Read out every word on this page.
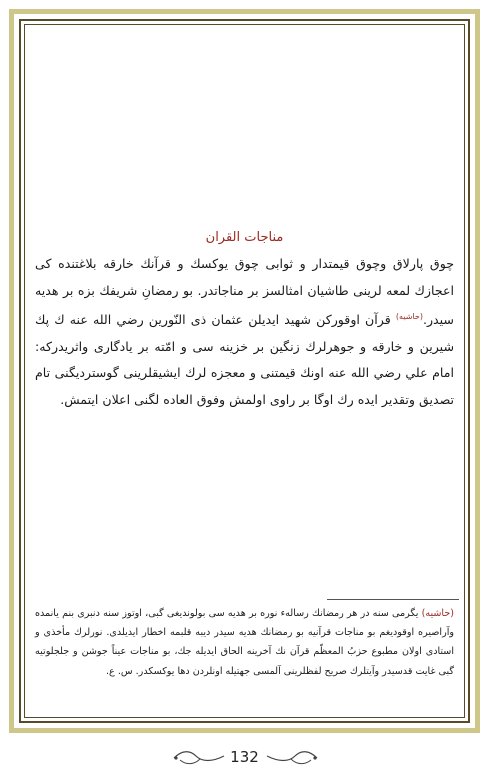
مناجات القران

چوق پارلاق وچوق قيمتدار و ثوابى چوق يوكسك و قرآنك خارقه بلاغتنده كى اعجازك لمعه لرينى طاشيان امثالسز بر مناجاتدر. بو رمضانِ شريفك بزه بر هديه سيدر.$^{(حاشيه)}$ قرآن اوقوركن شهيد ايديلن عثمان ذى النّورين رضي الله عنه ك پك شيرين و خارقه و جوهرلرك زنگين بر خزينه سى و امّته بر يادگارى واثريدركه: امام علي رضي الله عنه اونك قيمتنى و معجزه لرك ايشيقلرينى گوستردیگنى تام تصديق وتقدير ايده رك اوگا بر راوى اولمش وفوق العاده لگنى اعلان ايتمش.

(حاشيه) يگرمى سنه در هر رمضانك رسالهء نوره بر هديه سى بولونديغى گبى، اوتوز سنه دنبرى بنم يانمده وآراصيره اوقوديغم بو مناجات قرآنيه بو رمضانك هديه سيدر ديبه قلبمه اخطار ايديلدى. نورلرك مأخذى و استادى اولان مطبوع حزبُ المعظّم قرآن نك آخرينه الحاق ايديله جك، بو مناجات عيناً جوشن و جلجلوتيه گبى غايت قدسيدر وآيتلرك صريح لفظلرينى آلمسى جهتيله اونلردن دها يوكسكدر. س. ع.
132
